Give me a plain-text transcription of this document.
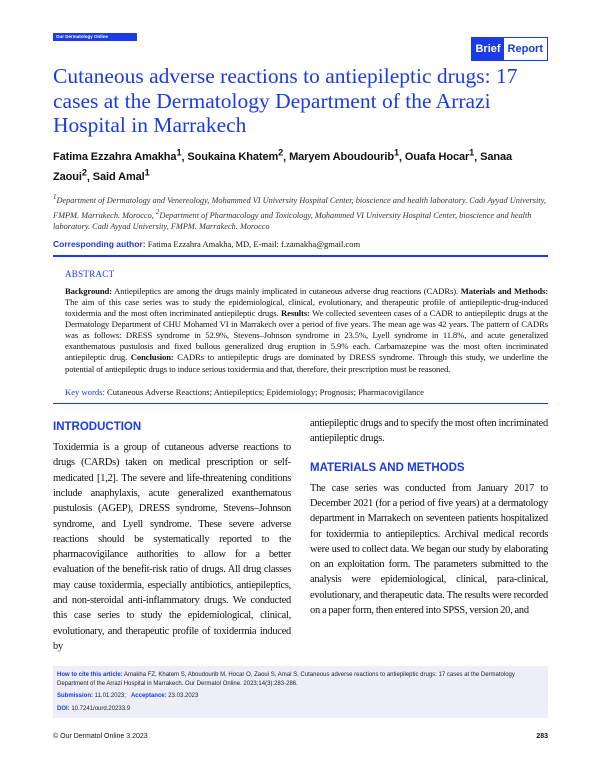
Our Dermatology Online
Brief Report
Cutaneous adverse reactions to antiepileptic drugs: 17 cases at the Dermatology Department of the Arrazi Hospital in Marrakech
Fatima Ezzahra Amakha$^1$, Soukaina Khatem$^2$, Maryem Aboudourib$^1$, Ouafa Hocar$^1$, Sanaa Zaoui$^2$, Said Amal$^1$
$^1$Department of Dermatology and Venereology, Mohammed VI University Hospital Center, bioscience and health laboratory. Cadi Ayyad University, FMPM. Marrakech. Morocco, $^2$Department of Pharmacology and Toxicology, Mohammed VI University Hospital Center, bioscience and health laboratory. Cadi Ayyad University, FMPM. Marrakech. Morocco
Corresponding author: Fatima Ezzahra Amakha, MD, E-mail: f.zamakha@gmail.com
ABSTRACT
Background: Antiepileptics are among the drugs mainly implicated in cutaneous adverse drug reactions (CADRs). Materials and Methods: The aim of this case series was to study the epidemiological, clinical, evolutionary, and therapeutic profile of antiepileptic-drug-induced toxidermia and the most often incriminated antiepileptic drugs. Results: We collected seventeen cases of a CADR to antiepileptic drugs at the Dermatology Department of CHU Mohamed VI in Marrakech over a period of five years. The mean age was 42 years. The pattern of CADRs was as follows: DRESS syndrome in 52.9%, Stevens–Johnson syndrome in 23.5%, Lyell syndrome in 11.8%, and acute generalized exanthematous pustulosis and fixed bullous generalized drug eruption in 5.9% each. Carbamazepine was the most often incriminated antiepileptic drug. Conclusion: CADRs to antiepileptic drugs are dominated by DRESS syndrome. Through this study, we underline the potential of antiepileptic drugs to induce serious toxidermia and that, therefore, their prescription must be reasoned.
Key words: Cutaneous Adverse Reactions; Antiepileptics; Epidemiology; Prognosis; Pharmacovigilance
INTRODUCTION
Toxidermia is a group of cutaneous adverse reactions to drugs (CARDs) taken on medical prescription or self-medicated [1,2]. The severe and life-threatening conditions include anaphylaxis, acute generalized exanthematous pustulosis (AGEP), DRESS syndrome, Stevens–Johnson syndrome, and Lyell syndrome. These severe adverse reactions should be systematically reported to the pharmacovigilance authorities to allow for a better evaluation of the benefit-risk ratio of drugs. All drug classes may cause toxidermia, especially antibiotics, antiepileptics, and non-steroidal anti-inflammatory drugs. We conducted this case series to study the epidemiological, clinical, evolutionary, and therapeutic profile of toxidermia induced by
antiepileptic drugs and to specify the most often incriminated antiepileptic drugs.
MATERIALS AND METHODS
The case series was conducted from January 2017 to December 2021 (for a period of five years) at a dermatology department in Marrakech on seventeen patients hospitalized for toxidermia to antiepileptics. Archival medical records were used to collect data. We began our study by elaborating on an exploitation form. The parameters submitted to the analysis were epidemiological, clinical, para-clinical, evolutionary, and therapeutic data. The results were recorded on a paper form, then entered into SPSS, version 20, and
How to cite this article: Amakha FZ, Khatem S, Aboudourib M, Hocar O, Zaoui S, Amal S. Cutaneous adverse reactions to antiepileptic drugs: 17 cases at the Dermatology Department of the Arrazi Hospital in Marrakech. Our Dermatol Online. 2023;14(3):283-286.
Submission: 11.01.2023; Acceptance: 23.03.2023
DOI: 10.7241/ourd.20233.9
© Our Dermatol Online 3.2023	283
